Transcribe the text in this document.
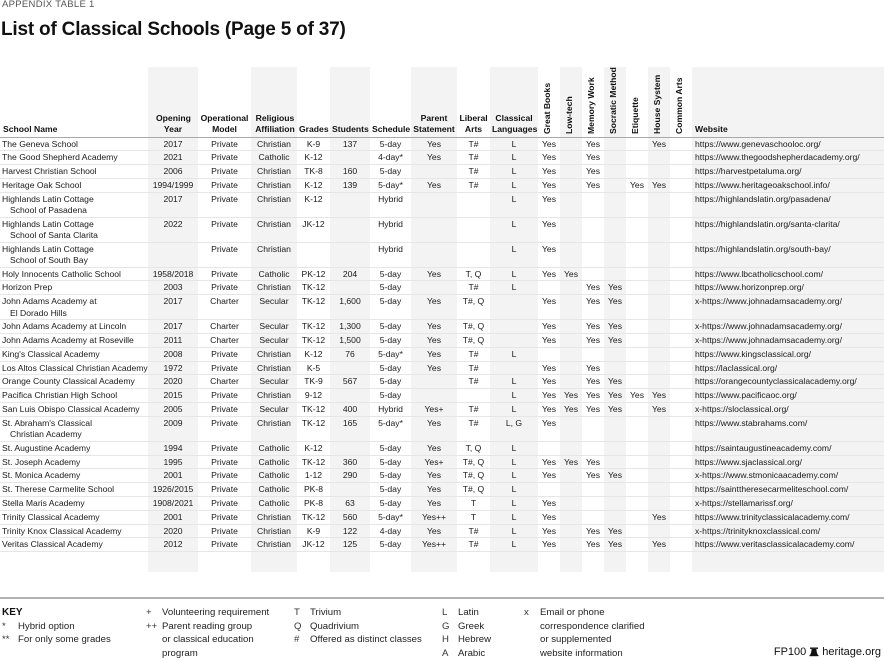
APPENDIX TABLE 1
List of Classical Schools (Page 5 of 37)
School Name	Opening Year	Operational Model	Religious Affiliation	Grades	Students	Schedule	Parent Statement	Liberal Arts	Classical Languages	Great Books	Low-tech	Memory Work	Socratic Method	Etiquette	House System	Common Arts	Website
The Geneva School	2017	Private	Christian	K-9	137	5-day	Yes	T#	L	Yes		Yes			Yes		https://www.genevaschooloc.org/
The Good Shepherd Academy	2021	Private	Catholic	K-12		4-day*	Yes	T#	L	Yes		Yes					https://www.thegoodshepherdacademy.org/
Harvest Christian School	2006	Private	Christian	TK-8	160	5-day		T#	L	Yes		Yes					https://harvestpetaluma.org/
Heritage Oak School	1994/1999	Private	Christian	K-12	139	5-day*	Yes	T#	L	Yes		Yes		Yes	Yes		https://www.heritageoakschool.info/
Highlands Latin Cottage
School of Pasadena	2017	Private	Christian	K-12		Hybrid			L	Yes							https://highlandslatin.org/pasadena/
Highlands Latin Cottage
School of Santa Clarita	2022	Private	Christian	JK-12		Hybrid			L	Yes							https://highlandslatin.org/santa-clarita/
Highlands Latin Cottage
School of South Bay		Private	Christian			Hybrid			L	Yes							https://highlandslatin.org/south-bay/
Holy Innocents Catholic School	1958/2018	Private	Catholic	PK-12	204	5-day	Yes	T, Q	L	Yes	Yes						https://www.lbcatholicschool.com/
Horizon Prep	2003	Private	Christian	TK-12		5-day		T#	L			Yes	Yes				https://www.horizonprep.org/
John Adams Academy at
El Dorado Hills	2017	Charter	Secular	TK-12	1,600	5-day	Yes	T#, Q		Yes		Yes	Yes				x-https://www.johnadamsacademy.org/
John Adams Academy at Lincoln	2017	Charter	Secular	TK-12	1,300	5-day	Yes	T#, Q		Yes		Yes	Yes				x-https://www.johnadamsacademy.org/
John Adams Academy at Roseville	2011	Charter	Secular	TK-12	1,500	5-day	Yes	T#, Q		Yes		Yes	Yes				x-https://www.johnadamsacademy.org/
King's Classical Academy	2008	Private	Christian	K-12	76	5-day*	Yes	T#	L								https://www.kingsclassical.org/
Los Altos Classical Christian Academy	1972	Private	Christian	K-5		5-day	Yes	T#		Yes		Yes					https://laclassical.org/
Orange County Classical Academy	2020	Charter	Secular	TK-9	567	5-day		T#	L	Yes		Yes	Yes				https://orangecountyclassicalacademy.org/
Pacifica Christian High School	2015	Private	Christian	9-12		5-day			L	Yes	Yes	Yes	Yes	Yes	Yes		https://www.pacificaoc.org/
San Luis Obispo Classical Academy	2005	Private	Secular	TK-12	400	Hybrid	Yes+	T#	L	Yes	Yes	Yes	Yes		Yes		x-https://sloclassical.org/
St. Abraham's Classical
Christian Academy	2009	Private	Christian	TK-12	165	5-day*	Yes	T#	L, G	Yes							https://www.stabrahams.com/
St. Augustine Academy	1994	Private	Catholic	K-12		5-day	Yes	T, Q	L								https://saintaugustineacademy.com/
St. Joseph Academy	1995	Private	Catholic	TK-12	360	5-day	Yes+	T#, Q	L	Yes	Yes	Yes					https://www.sjaclassical.org/
St. Monica Academy	2001	Private	Catholic	1-12	290	5-day	Yes	T#, Q	L	Yes		Yes	Yes				x-https://www.stmonicaacademy.com/
St. Therese Carmelite School	1926/2015	Private	Catholic	PK-8		5-day	Yes	T#, Q	L								https://sainttheresecarmeliteschool.com/
Stella Maris Academy	1908/2021	Private	Catholic	PK-8	63	5-day	Yes	T	L	Yes							x-https://stellamarissf.org/
Trinity Classical Academy	2001	Private	Christian	TK-12	560	5-day*	Yes++	T	L	Yes					Yes		https://www.trinityclassicalacademy.com/
Trinity Knox Classical Academy	2020	Private	Christian	K-9	122	4-day	Yes	T#	L	Yes		Yes	Yes				x-https://trinityknoxclassical.com/
Veritas Classical Academy	2012	Private	Christian	JK-12	125	5-day	Yes++	T#	L	Yes		Yes	Yes		Yes		https://www.veritasclassicalacademy.com/

KEY
*	Hybrid option
** For only some grades
+	Volunteering requirement
++ Parent reading group
or classical education
program
T	Trivium
Q Quadrivium
#	Offered as distinct classes
L	Latin
G Greek
H Hebrew
A Arabic
x	Email or phone
correspondence clarified
or supplemented
website information	FP100 heritage.org
